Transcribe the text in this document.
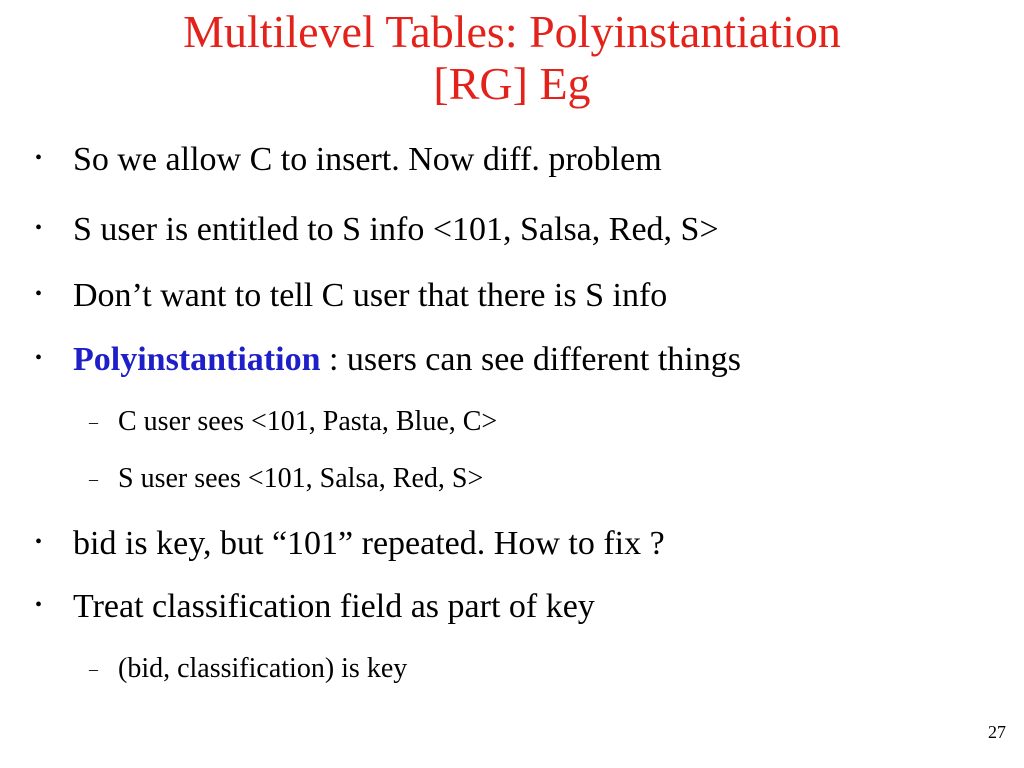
Multilevel Tables: Polyinstantiation
[RG] Eg
• So we allow C to insert. Now diff. problem
• S user is entitled to S info <101, Salsa, Red, S>
• Don’t want to tell C user that there is S info
• Polyinstantiation : users can see different things
– C user sees <101, Pasta, Blue, C>
– S user sees <101, Salsa, Red, S>
• bid is key, but “101” repeated. How to fix ?
• Treat classification field as part of key
– (bid, classification) is key
27
